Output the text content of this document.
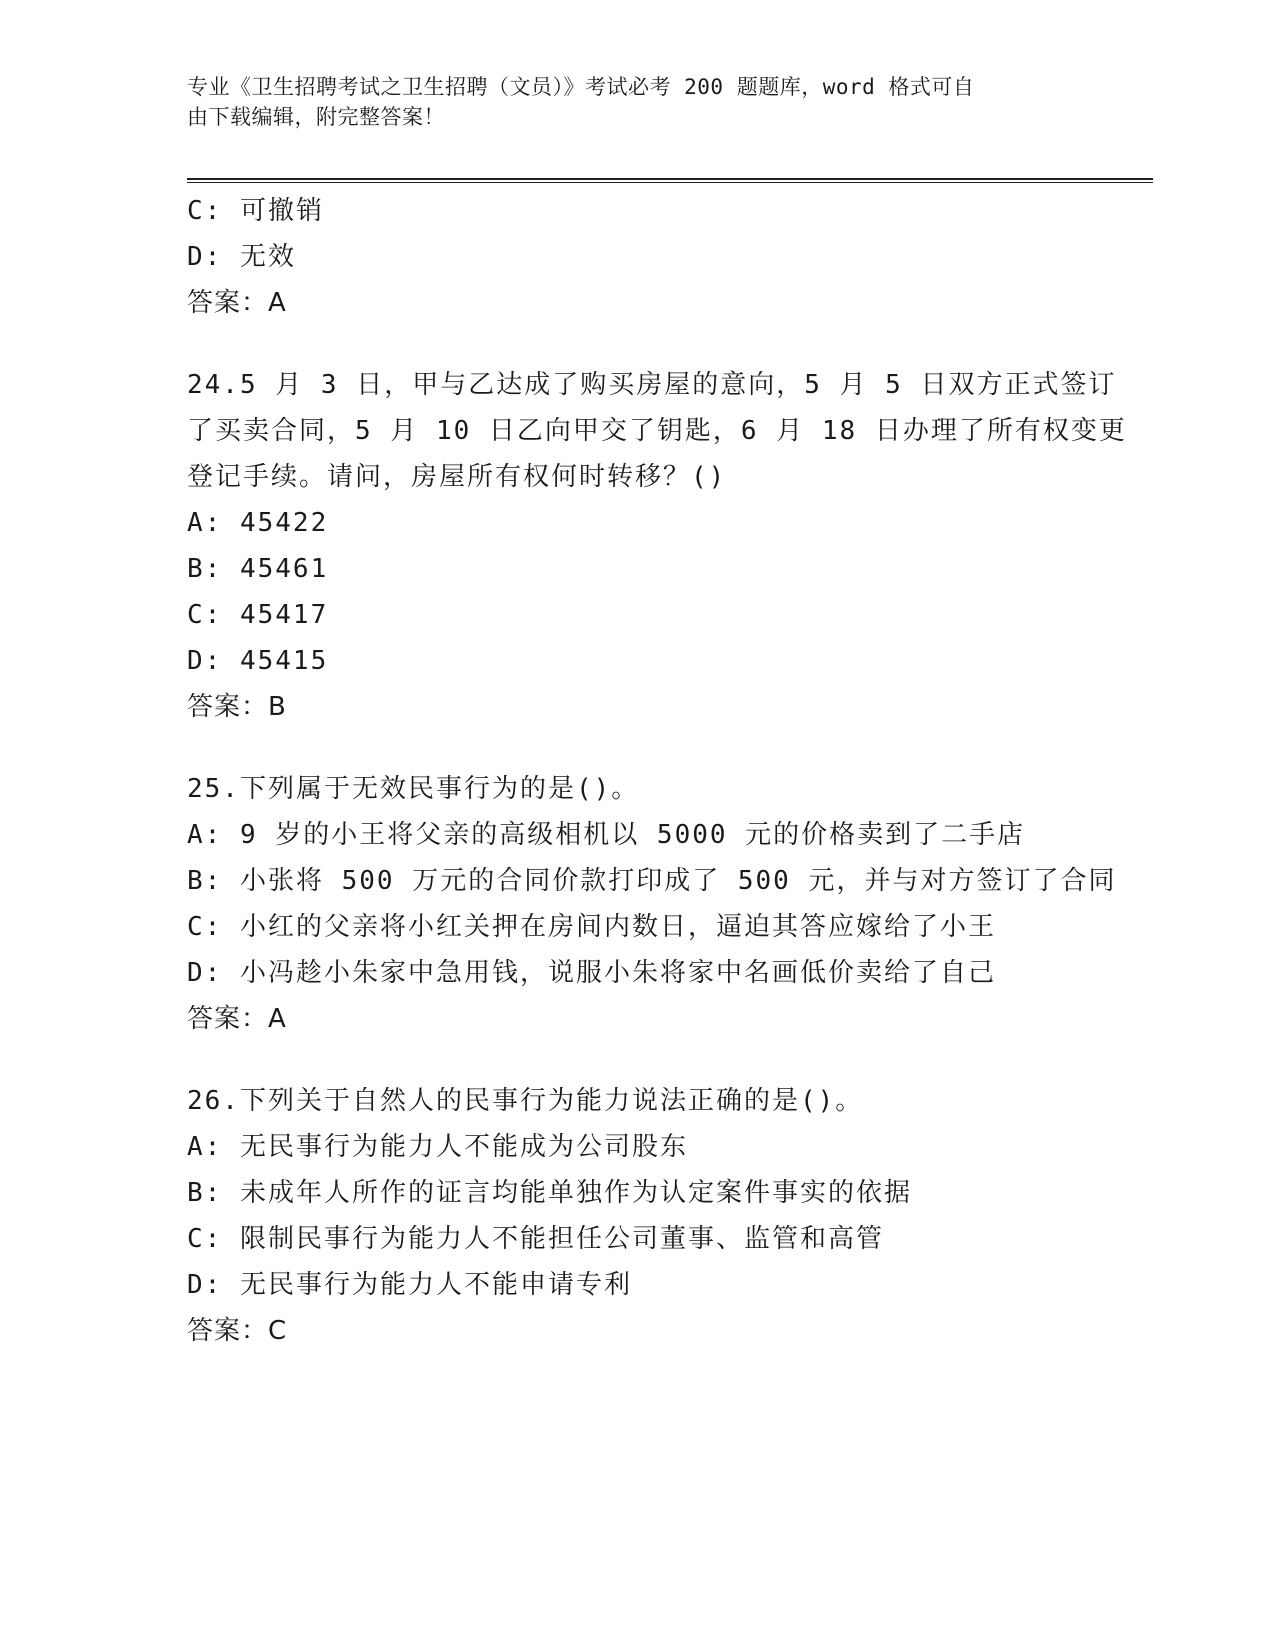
专业《卫生招聘考试之卫生招聘（文员）》考试必考 200 题题库，word 格式可自
由下载编辑，附完整答案！
C: 可撤销
D: 无效
答案：A
24.5 月 3 日，甲与乙达成了购买房屋的意向，5 月 5 日双方正式签订
了买卖合同，5 月 10 日乙向甲交了钥匙，6 月 18 日办理了所有权变更
登记手续。请问，房屋所有权何时转移？()
A: 45422
B: 45461
C: 45417
D: 45415
答案：B
25.下列属于无效民事行为的是()。
A: 9 岁的小王将父亲的高级相机以 5000 元的价格卖到了二手店
B: 小张将 500 万元的合同价款打印成了 500 元，并与对方签订了合同
C: 小红的父亲将小红关押在房间内数日，逼迫其答应嫁给了小王
D: 小冯趁小朱家中急用钱，说服小朱将家中名画低价卖给了自己
答案：A
26.下列关于自然人的民事行为能力说法正确的是()。
A: 无民事行为能力人不能成为公司股东
B: 未成年人所作的证言均能单独作为认定案件事实的依据
C: 限制民事行为能力人不能担任公司董事、监管和高管
D: 无民事行为能力人不能申请专利
答案：C
